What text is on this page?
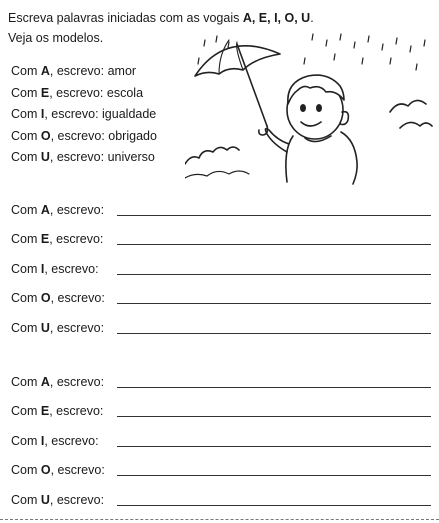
Escreva palavras iniciadas com as vogais A, E, I, O, U.
Veja os modelos.
Com A, escrevo: amor
Com E, escrevo: escola
Com I, escrevo: igualdade
Com O, escrevo: obrigado
Com U, escrevo: universo
Com A, escrevo:
Com E, escrevo:
Com I, escrevo:
Com O, escrevo:
Com U, escrevo:
Com A, escrevo:
Com E, escrevo:
Com I, escrevo:
Com O, escrevo:
Com U, escrevo:
